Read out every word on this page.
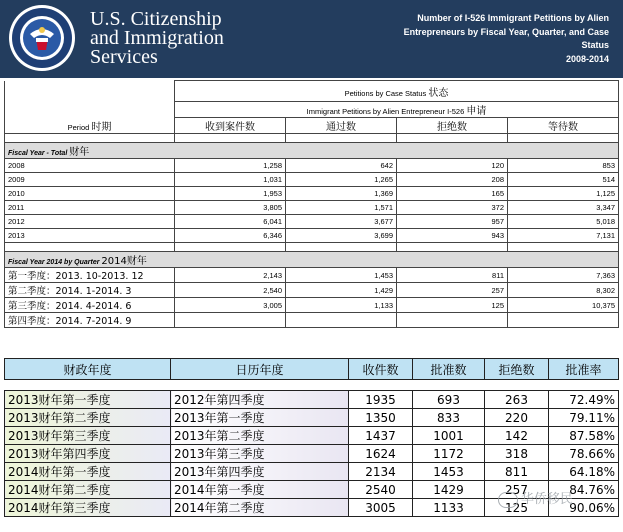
U.S. Citizenship
and Immigration
Services
Number of I-526 Immigrant Petitions by Alien
Entrepreneurs by Fiscal Year, Quarter, and Case
Status
2008-2014
	Petitions by Case Status 状态			
	Immigrant Petitions by Alien Entrepreneur I-526 申请			
Period 时期	收到案件数	通过数	拒绝数	等待数

Fiscal Year - Total 财年				
2008	1,258	642	120	853
2009	1,031	1,265	208	514
2010	1,953	1,369	165	1,125
2011	3,805	1,571	372	3,347
2012	6,041	3,677	957	5,018
2013	6,346	3,699	943	7,131

Fiscal Year 2014 by Quarter 2014财年				
第一季度：2013. 10-2013. 12	2,143	1,453	811	7,363
第二季度：2014. 1-2014. 3	2,540	1,429	257	8,302
第三季度：2014. 4-2014. 6	3,005	1,133	125	10,375
第四季度：2014. 7-2014. 9				
财政年度	日历年度	收件数	批准数	拒绝数	批准率

2013财年第一季度	2012年第四季度	1935	693	263	72.49%
2013财年第二季度	2013年第一季度	1350	833	220	79.11%
2013财年第三季度	2013年第二季度	1437	1001	142	87.58%
2013财年第四季度	2013年第三季度	1624	1172	318	78.66%
2014财年第一季度	2013年第四季度	2134	1453	811	64.18%
2014财年第二季度	2014年第一季度	2540	1429	257	84.76%
2014财年第三季度	2014年第二季度	3005	1133	125	90.06%
华侨移民
